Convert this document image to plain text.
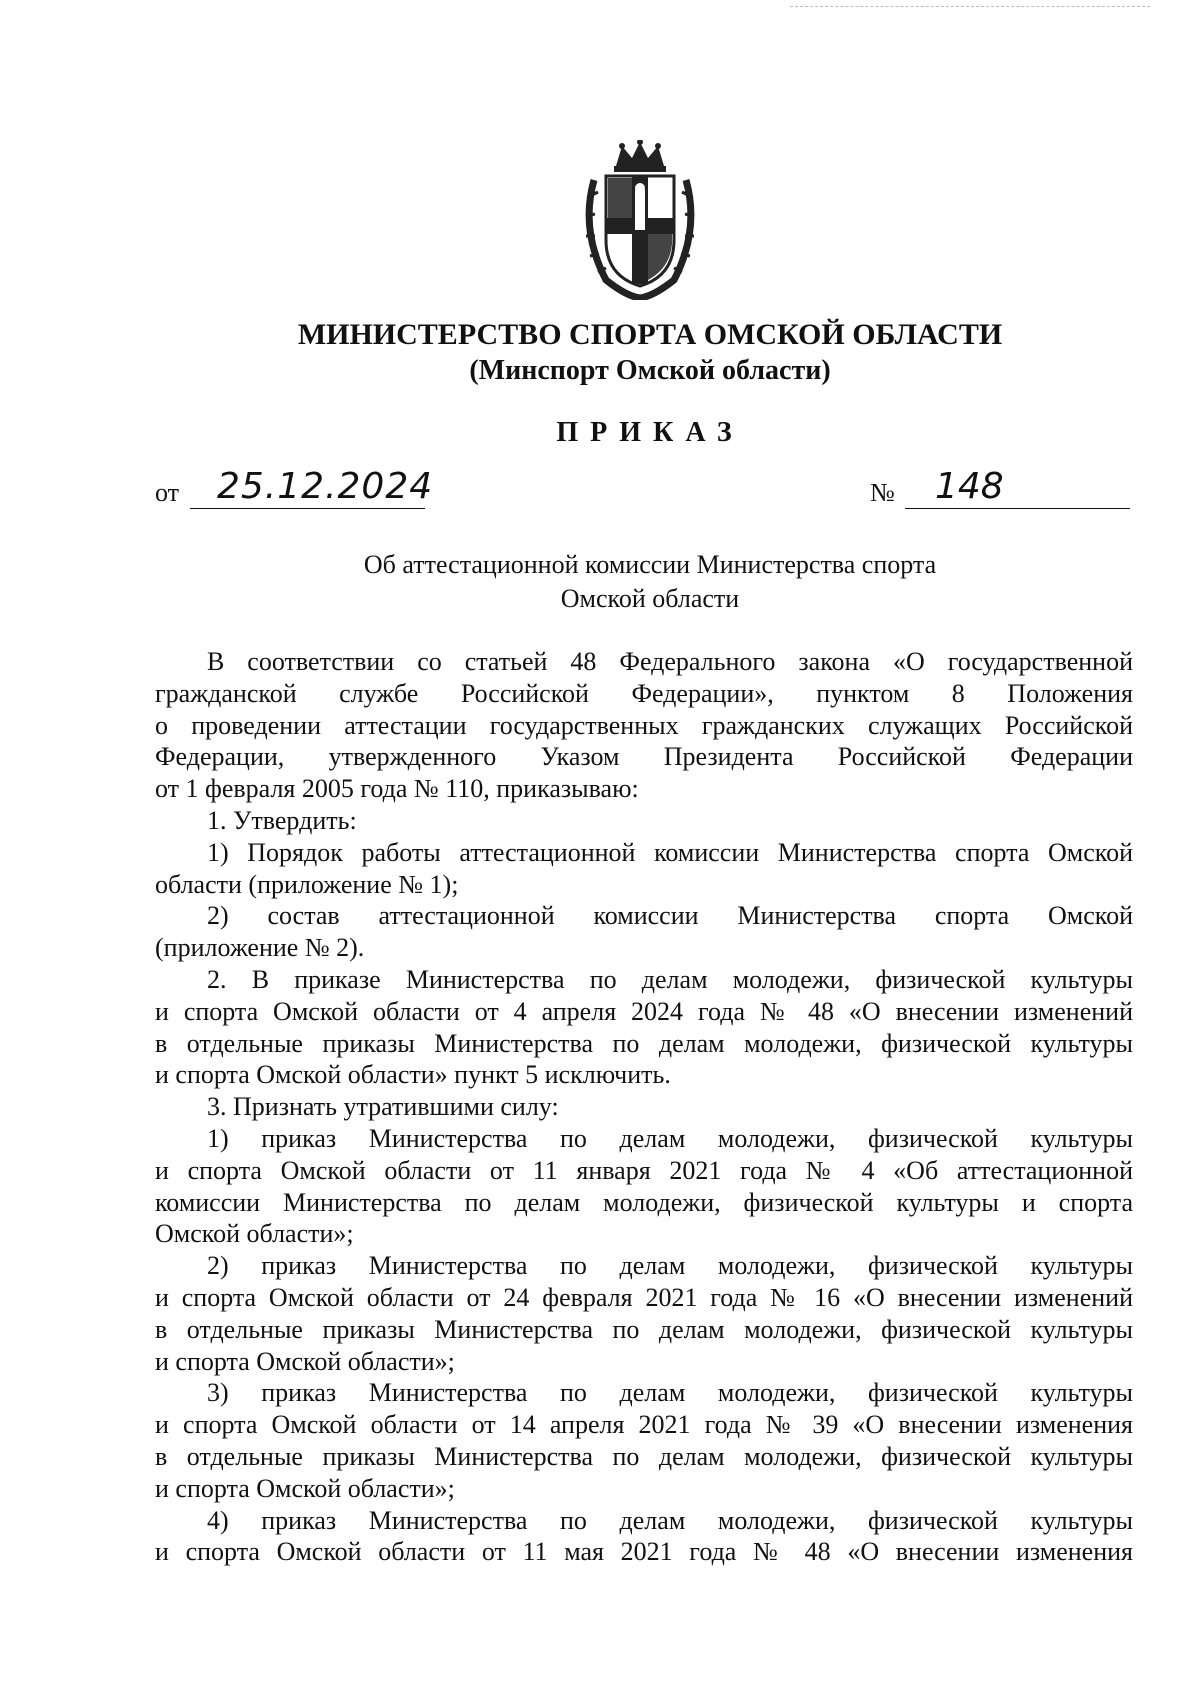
МИНИСТЕРСТВО СПОРТА ОМСКОЙ ОБЛАСТИ
(Минспорт Омской области)
ПРИКАЗ
от 25.12.2024	№ 148
Об аттестационной комиссии Министерства спорта
Омской области
В соответствии со статьей 48 Федерального закона «О государственной
гражданской службе Российской Федерации», пунктом 8 Положения
о проведении аттестации государственных гражданских служащих Российской
Федерации, утвержденного Указом Президента Российской Федерации
от 1 февраля 2005 года № 110, приказываю:
1. Утвердить:
1) Порядок работы аттестационной комиссии Министерства спорта Омской
области (приложение № 1);
2) состав аттестационной комиссии Министерства спорта Омской
(приложение № 2).
2. В приказе Министерства по делам молодежи, физической культуры
и спорта Омской области от 4 апреля 2024 года № 48 «О внесении изменений
в отдельные приказы Министерства по делам молодежи, физической культуры
и спорта Омской области» пункт 5 исключить.
3. Признать утратившими силу:
1) приказ Министерства по делам молодежи, физической культуры
и спорта Омской области от 11 января 2021 года № 4 «Об аттестационной
комиссии Министерства по делам молодежи, физической культуры и спорта
Омской области»;
2) приказ Министерства по делам молодежи, физической культуры
и спорта Омской области от 24 февраля 2021 года № 16 «О внесении изменений
в отдельные приказы Министерства по делам молодежи, физической культуры
и спорта Омской области»;
3) приказ Министерства по делам молодежи, физической культуры
и спорта Омской области от 14 апреля 2021 года № 39 «О внесении изменения
в отдельные приказы Министерства по делам молодежи, физической культуры
и спорта Омской области»;
4) приказ Министерства по делам молодежи, физической культуры
и спорта Омской области от 11 мая 2021 года № 48 «О внесении изменения
